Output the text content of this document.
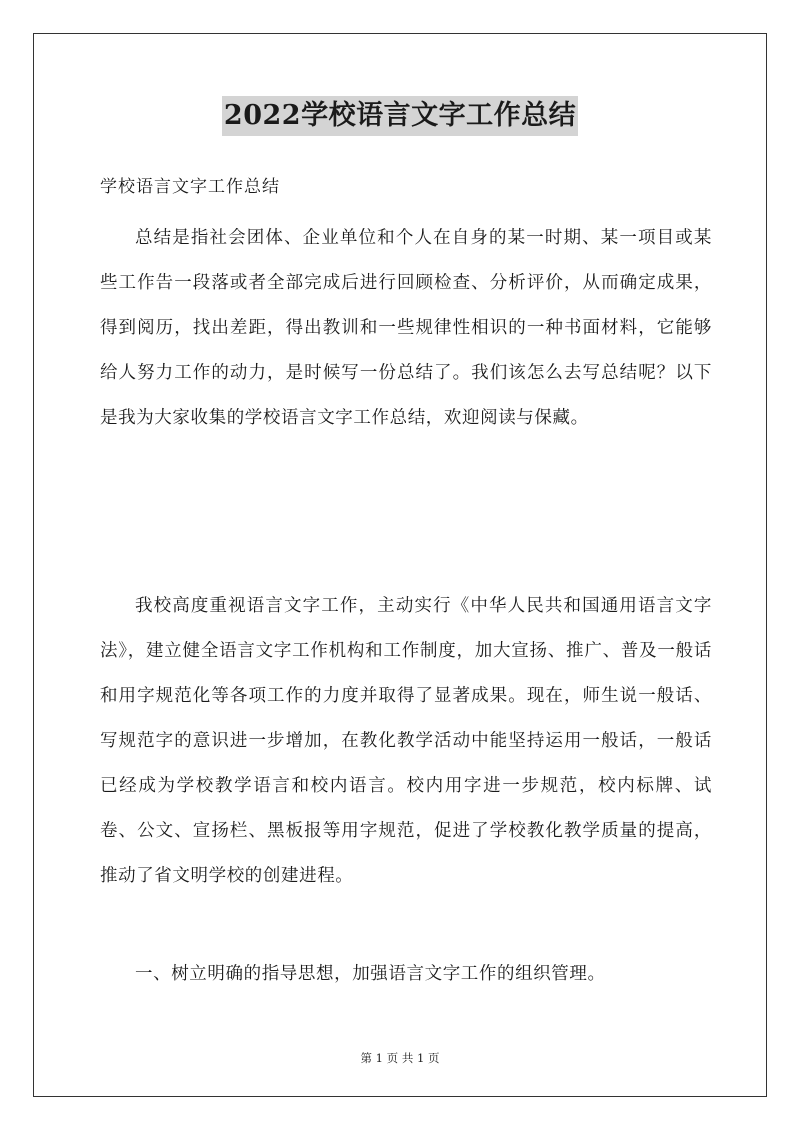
2022学校语言文字工作总结
学校语言文字工作总结

总结是指社会团体、企业单位和个人在自身的某一时期、某一项目或某些工作告一段落或者全部完成后进行回顾检查、分析评价，从而确定成果，得到阅历，找出差距，得出教训和一些规律性相识的一种书面材料，它能够给人努力工作的动力，是时候写一份总结了。我们该怎么去写总结呢？以下是我为大家收集的学校语言文字工作总结，欢迎阅读与保藏。

我校高度重视语言文字工作，主动实行《中华人民共和国通用语言文字法》，建立健全语言文字工作机构和工作制度，加大宣扬、推广、普及一般话和用字规范化等各项工作的力度并取得了显著成果。现在，师生说一般话、写规范字的意识进一步增加，在教化教学活动中能坚持运用一般话，一般话已经成为学校教学语言和校内语言。校内用字进一步规范，校内标牌、试卷、公文、宣扬栏、黑板报等用字规范，促进了学校教化教学质量的提高，推动了省文明学校的创建进程。

一、树立明确的指导思想，加强语言文字工作的组织管理。

第 1 页 共 1 页
